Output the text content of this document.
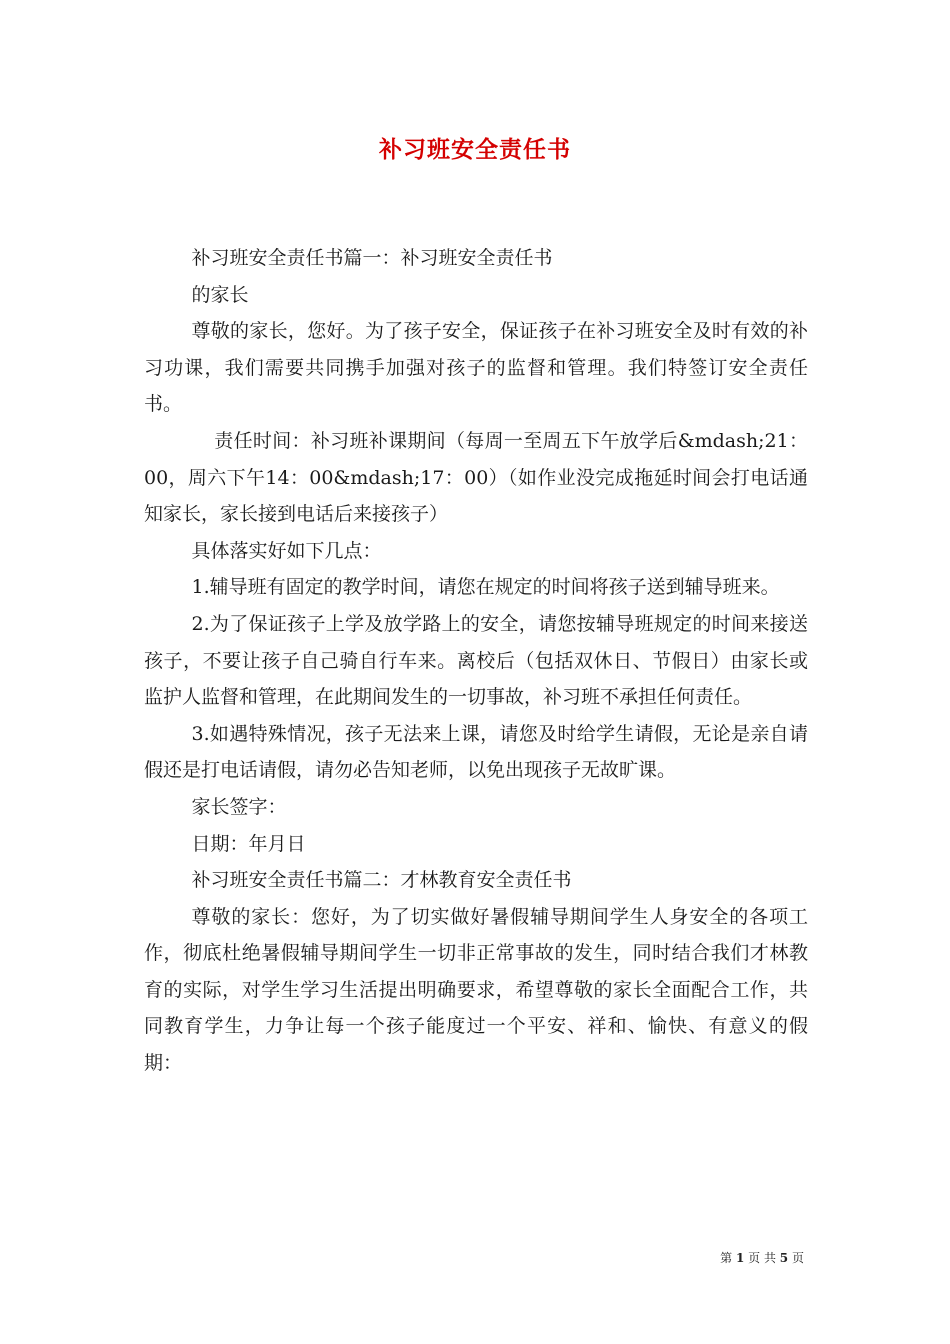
补习班安全责任书

补习班安全责任书篇一：补习班安全责任书

的家长

尊敬的家长，您好。为了孩子安全，保证孩子在补习班安全及时有效的补习功课，我们需要共同携手加强对孩子的监督和管理。我们特签订安全责任书。

责任时间：补习班补课期间（每周一至周五下午放学后&mdash;21：00，周六下午14：00&mdash;17：00）（如作业没完成拖延时间会打电话通知家长，家长接到电话后来接孩子）

具体落实好如下几点：

1.辅导班有固定的教学时间，请您在规定的时间将孩子送到辅导班来。

2.为了保证孩子上学及放学路上的安全，请您按辅导班规定的时间来接送孩子，不要让孩子自己骑自行车来。离校后（包括双休日、节假日）由家长或监护人监督和管理，在此期间发生的一切事故，补习班不承担任何责任。

3.如遇特殊情况，孩子无法来上课，请您及时给学生请假，无论是亲自请假还是打电话请假，请勿必告知老师，以免出现孩子无故旷课。

家长签字：

日期：年月日

补习班安全责任书篇二：才林教育安全责任书

尊敬的家长：您好，为了切实做好暑假辅导期间学生人身安全的各项工作，彻底杜绝暑假辅导期间学生一切非正常事故的发生，同时结合我们才林教育的实际，对学生学习生活提出明确要求，希望尊敬的家长全面配合工作，共同教育学生，力争让每一个孩子能度过一个平安、祥和、愉快、有意义的假期：

第 1 页 共 5 页
